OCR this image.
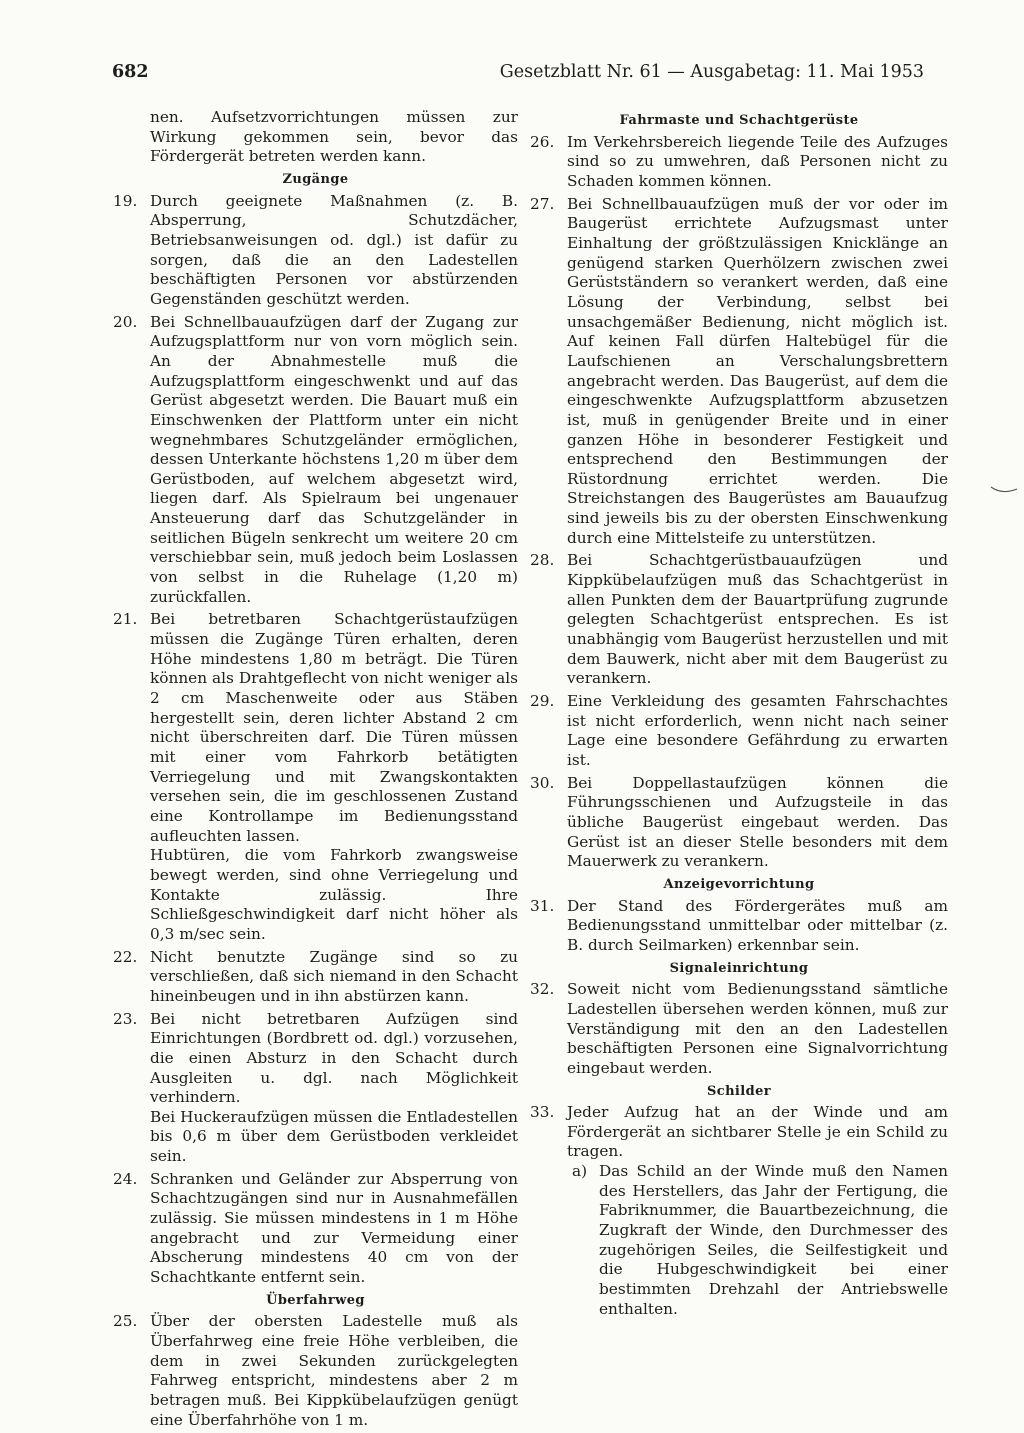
682	Gesetzblatt Nr. 61 — Ausgabetag: 11. Mai 1953
nen. Aufsetzvorrichtungen müssen zur Wirkung gekommen sein, bevor das Fördergerät betreten werden kann.
Zugänge
19. Durch geeignete Maßnahmen (z. B. Absperrung, Schutzdächer, Betriebsanweisungen od. dgl.) ist dafür zu sorgen, daß die an den Ladestellen beschäftigten Personen vor abstürzenden Gegenständen geschützt werden.
20. Bei Schnellbauaufzügen darf der Zugang zur Aufzugsplattform nur von vorn möglich sein. An der Abnahmestelle muß die Aufzugsplattform eingeschwenkt und auf das Gerüst abgesetzt werden. Die Bauart muß ein Einschwenken der Plattform unter ein nicht wegnehmbares Schutzgeländer ermöglichen, dessen Unterkante höchstens 1,20 m über dem Gerüstboden, auf welchem abgesetzt wird, liegen darf. Als Spielraum bei ungenauer Ansteuerung darf das Schutzgeländer in seitlichen Bügeln senkrecht um weitere 20 cm verschiebbar sein, muß jedoch beim Loslassen von selbst in die Ruhelage (1,20 m) zurückfallen.
21. Bei betretbaren Schachtgerüstaufzügen müssen die Zugänge Türen erhalten, deren Höhe mindestens 1,80 m beträgt. Die Türen können als Drahtgeflecht von nicht weniger als 2 cm Maschenweite oder aus Stäben hergestellt sein, deren lichter Abstand 2 cm nicht überschreiten darf. Die Türen müssen mit einer vom Fahrkorb betätigten Verriegelung und mit Zwangskontakten versehen sein, die im geschlossenen Zustand eine Kontrollampe im Bedienungsstand aufleuchten lassen.
Hubtüren, die vom Fahrkorb zwangsweise bewegt werden, sind ohne Verriegelung und Kontakte zulässig. Ihre Schließgeschwindigkeit darf nicht höher als 0,3 m/sec sein.
22. Nicht benutzte Zugänge sind so zu verschließen, daß sich niemand in den Schacht hineinbeugen und in ihn abstürzen kann.
23. Bei nicht betretbaren Aufzügen sind Einrichtungen (Bordbrett od. dgl.) vorzusehen, die einen Absturz in den Schacht durch Ausgleiten u. dgl. nach Möglichkeit verhindern.
Bei Huckeraufzügen müssen die Entladestellen bis 0,6 m über dem Gerüstboden verkleidet sein.
24. Schranken und Geländer zur Absperrung von Schachtzugängen sind nur in Ausnahmefällen zulässig. Sie müssen mindestens in 1 m Höhe angebracht und zur Vermeidung einer Abscherung mindestens 40 cm von der Schachtkante entfernt sein.
Überfahrweg
25. Über der obersten Ladestelle muß als Überfahrweg eine freie Höhe verbleiben, die dem in zwei Sekunden zurückgelegten Fahrweg entspricht, mindestens aber 2 m betragen muß. Bei Kippkübelaufzügen genügt eine Überfahrhöhe von 1 m.
Fahrmaste und Schachtgerüste
26. Im Verkehrsbereich liegende Teile des Aufzuges sind so zu umwehren, daß Personen nicht zu Schaden kommen können.
27. Bei Schnellbauaufzügen muß der vor oder im Baugerüst errichtete Aufzugsmast unter Einhaltung der größtzulässigen Knicklänge an genügend starken Querhölzern zwischen zwei Gerüstständern so verankert werden, daß eine Lösung der Verbindung, selbst bei unsachgemäßer Bedienung, nicht möglich ist. Auf keinen Fall dürfen Haltebügel für die Laufschienen an Verschalungsbrettern angebracht werden. Das Baugerüst, auf dem die eingeschwenkte Aufzugsplattform abzusetzen ist, muß in genügender Breite und in einer ganzen Höhe in besonderer Festigkeit und entsprechend den Bestimmungen der Rüstordnung errichtet werden. Die Streichstangen des Baugerüstes am Bauaufzug sind jeweils bis zu der obersten Einschwenkung durch eine Mittelsteife zu unterstützen.
28. Bei Schachtgerüstbauaufzügen und Kippkübelaufzügen muß das Schachtgerüst in allen Punkten dem der Bauartprüfung zugrunde gelegten Schachtgerüst entsprechen. Es ist unabhängig vom Baugerüst herzustellen und mit dem Bauwerk, nicht aber mit dem Baugerüst zu verankern.
29. Eine Verkleidung des gesamten Fahrschachtes ist nicht erforderlich, wenn nicht nach seiner Lage eine besondere Gefährdung zu erwarten ist.
30. Bei Doppellastaufzügen können die Führungsschienen und Aufzugsteile in das übliche Baugerüst eingebaut werden. Das Gerüst ist an dieser Stelle besonders mit dem Mauerwerk zu verankern.
Anzeigevorrichtung
31. Der Stand des Fördergerätes muß am Bedienungsstand unmittelbar oder mittelbar (z. B. durch Seilmarken) erkennbar sein.
Signaleinrichtung
32. Soweit nicht vom Bedienungsstand sämtliche Ladestellen übersehen werden können, muß zur Verständigung mit den an den Ladestellen beschäftigten Personen eine Signalvorrichtung eingebaut werden.
Schilder
33. Jeder Aufzug hat an der Winde und am Fördergerät an sichtbarer Stelle je ein Schild zu tragen.
a) Das Schild an der Winde muß den Namen des Herstellers, das Jahr der Fertigung, die Fabriknummer, die Bauartbezeichnung, die Zugkraft der Winde, den Durchmesser des zugehörigen Seiles, die Seilfestigkeit und die Hubgeschwindigkeit bei einer bestimmten Drehzahl der Antriebswelle enthalten.
